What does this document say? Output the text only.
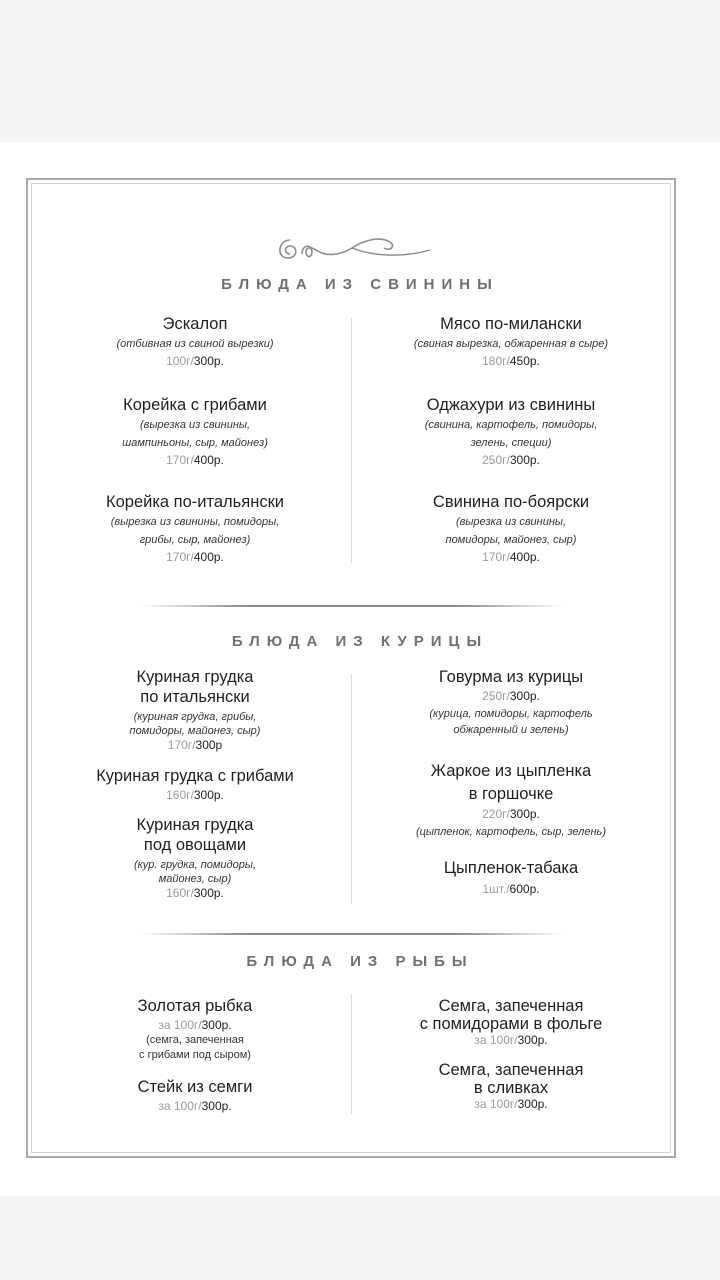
БЛЮДА ИЗ СВИНИНЫ
Эскалоп
(отбивная из свиной вырезки)
100г/300р.
Корейка с грибами
(вырезка из свинины,
шампиньоны, сыр, майонез)
170г/400р.
Корейка по-итальянски
(вырезка из свинины, помидоры,
грибы, сыр, майонез)
170г/400р.
Мясо по-милански
(свиная вырезка, обжаренная в сыре)
180г/450р.
Оджахури из свинины
(свинина, картофель, помидоры,
зелень, специи)
250г/300р.
Свинина по-боярски
(вырезка из свинины,
помидоры, майонез, сыр)
170г/400р.
БЛЮДА ИЗ КУРИЦЫ
Куриная грудка
по итальянски
(куриная грудка, грибы,
помидоры, майонез, сыр)
170г/300р
Куриная грудка с грибами
160г/300р.
Куриная грудка
под овощами
(кур. грудка, помидоры,
майонез, сыр)
160г/300р.
Говурма из курицы
250г/300р.
(курица, помидоры, картофель
обжаренный и зелень)
Жаркое из цыпленка
в горшочке
220г/300р.
(цыпленок, картофель, сыр, зелень)
Цыпленок-табака
1шт./600р.
БЛЮДА ИЗ РЫБЫ
Золотая рыбка
за 100г/300р.
(семга, запеченная
с грибами под сыром)
Стейк из семги
за 100г/300р.
Семга, запеченная
с помидорами в фольге
за 100г/300р.
Семга, запеченная
в сливках
за 100г/300р.
